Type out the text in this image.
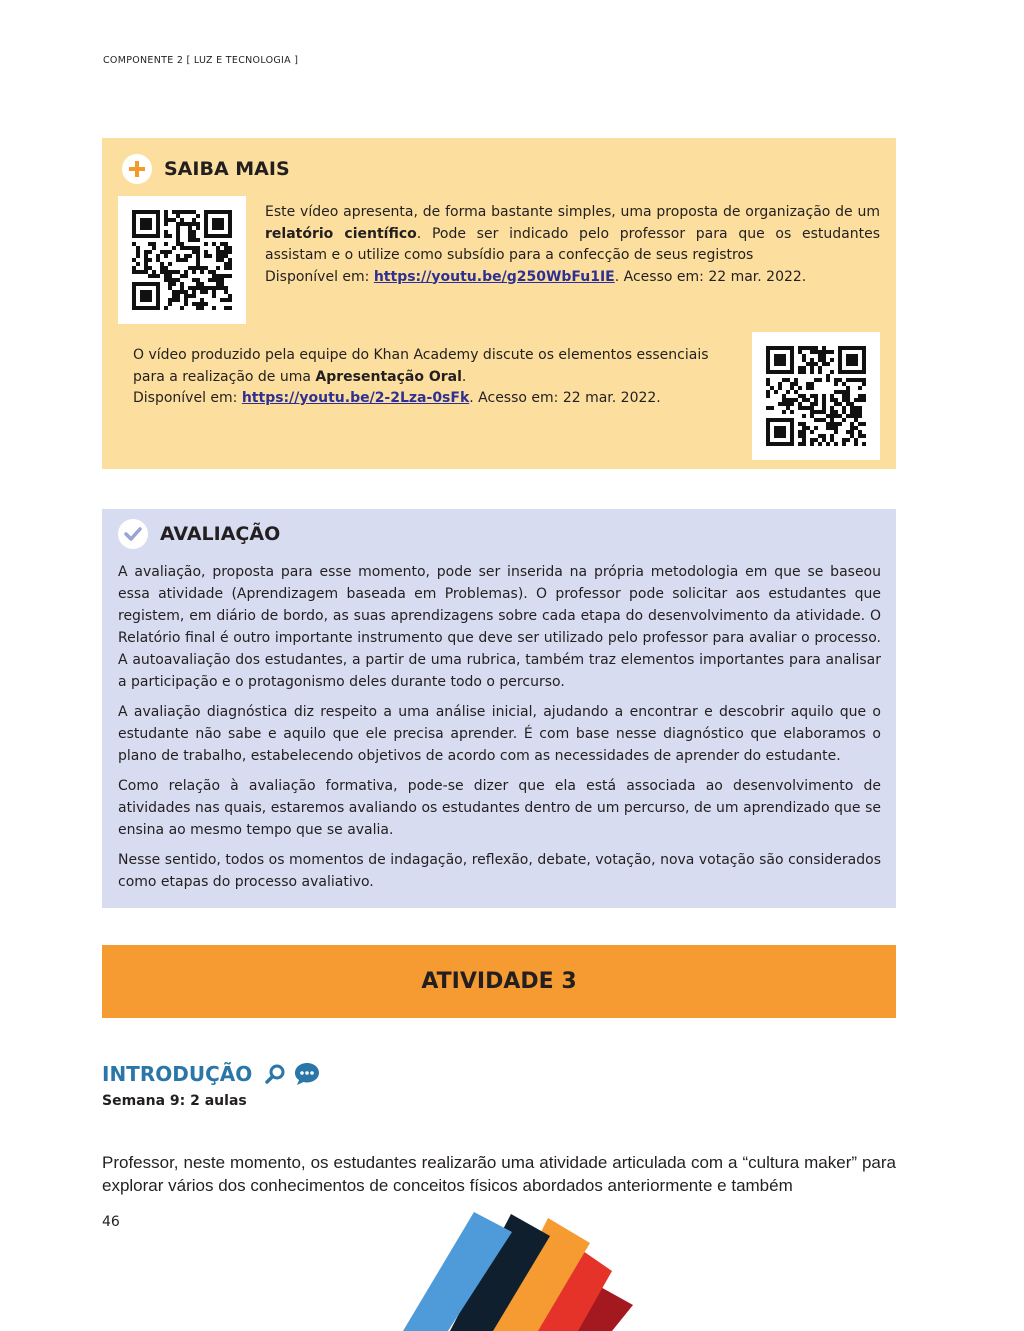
COMPONENTE 2 [ LUZ E TECNOLOGIA ]
SAIBA MAIS
Este vídeo apresenta, de forma bastante simples, uma proposta de organização de um relatório científico. Pode ser indicado pelo professor para que os estudantes assistam e o utilize como subsídio para a confecção de seus registros
Disponível em: https://youtu.be/g250WbFu1IE. Acesso em: 22 mar. 2022.
O vídeo produzido pela equipe do Khan Academy discute os elementos essenciais para a realização de uma Apresentação Oral.
Disponível em: https://youtu.be/2-2Lza-0sFk. Acesso em: 22 mar. 2022.
AVALIAÇÃO

A avaliação, proposta para esse momento, pode ser inserida na própria metodologia em que se baseou essa atividade (Aprendizagem baseada em Problemas). O professor pode solicitar aos estudantes que registem, em diário de bordo, as suas aprendizagens sobre cada etapa do desenvolvimento da atividade. O Relatório final é outro importante instrumento que deve ser utilizado pelo professor para avaliar o processo. A autoavaliação dos estudantes, a partir de uma rubrica, também traz elementos importantes para analisar a participação e o protagonismo deles durante todo o percurso.

A avaliação diagnóstica diz respeito a uma análise inicial, ajudando a encontrar e descobrir aquilo que o estudante não sabe e aquilo que ele precisa aprender. É com base nesse diagnóstico que elaboramos o plano de trabalho, estabelecendo objetivos de acordo com as necessidades de aprender do estudante.

Como relação à avaliação formativa, pode-se dizer que ela está associada ao desenvolvimento de atividades nas quais, estaremos avaliando os estudantes dentro de um percurso, de um aprendizado que se ensina ao mesmo tempo que se avalia.

Nesse sentido, todos os momentos de indagação, reflexão, debate, votação, nova votação são considerados como etapas do processo avaliativo.

ATIVIDADE 3
INTRODUÇÃO
Semana 9: 2 aulas
Professor, neste momento, os estudantes realizarão uma atividade articulada com a “cultura maker” para explorar vários dos conhecimentos de conceitos físicos abordados anteriormente e também
46
